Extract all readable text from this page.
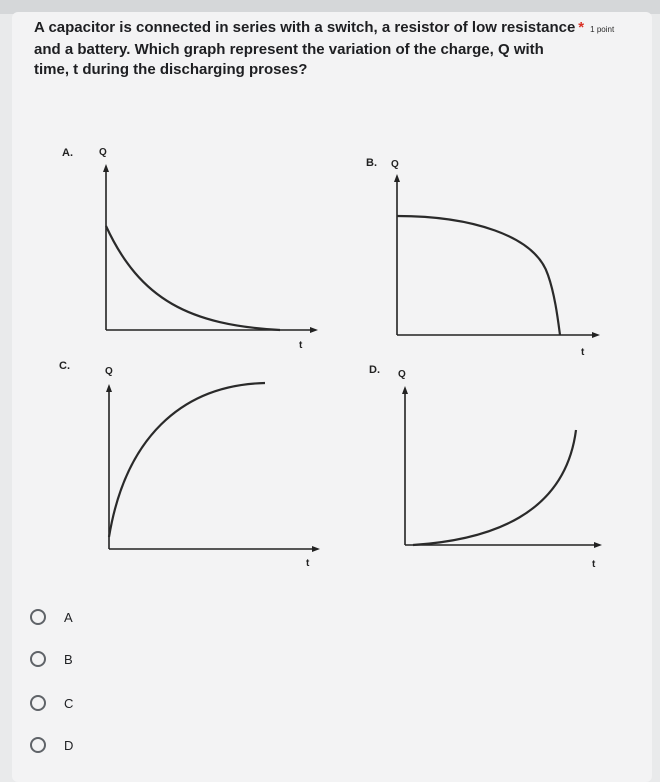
A capacitor is connected in series with a switch, a resistor of low resistance * 1 point
and a battery. Which graph represent the variation of the charge, Q with
time, t during the discharging proses?
A.	Q
t
B. Q
t
C.	Q
t
D. Q
t
A
B
C
D
